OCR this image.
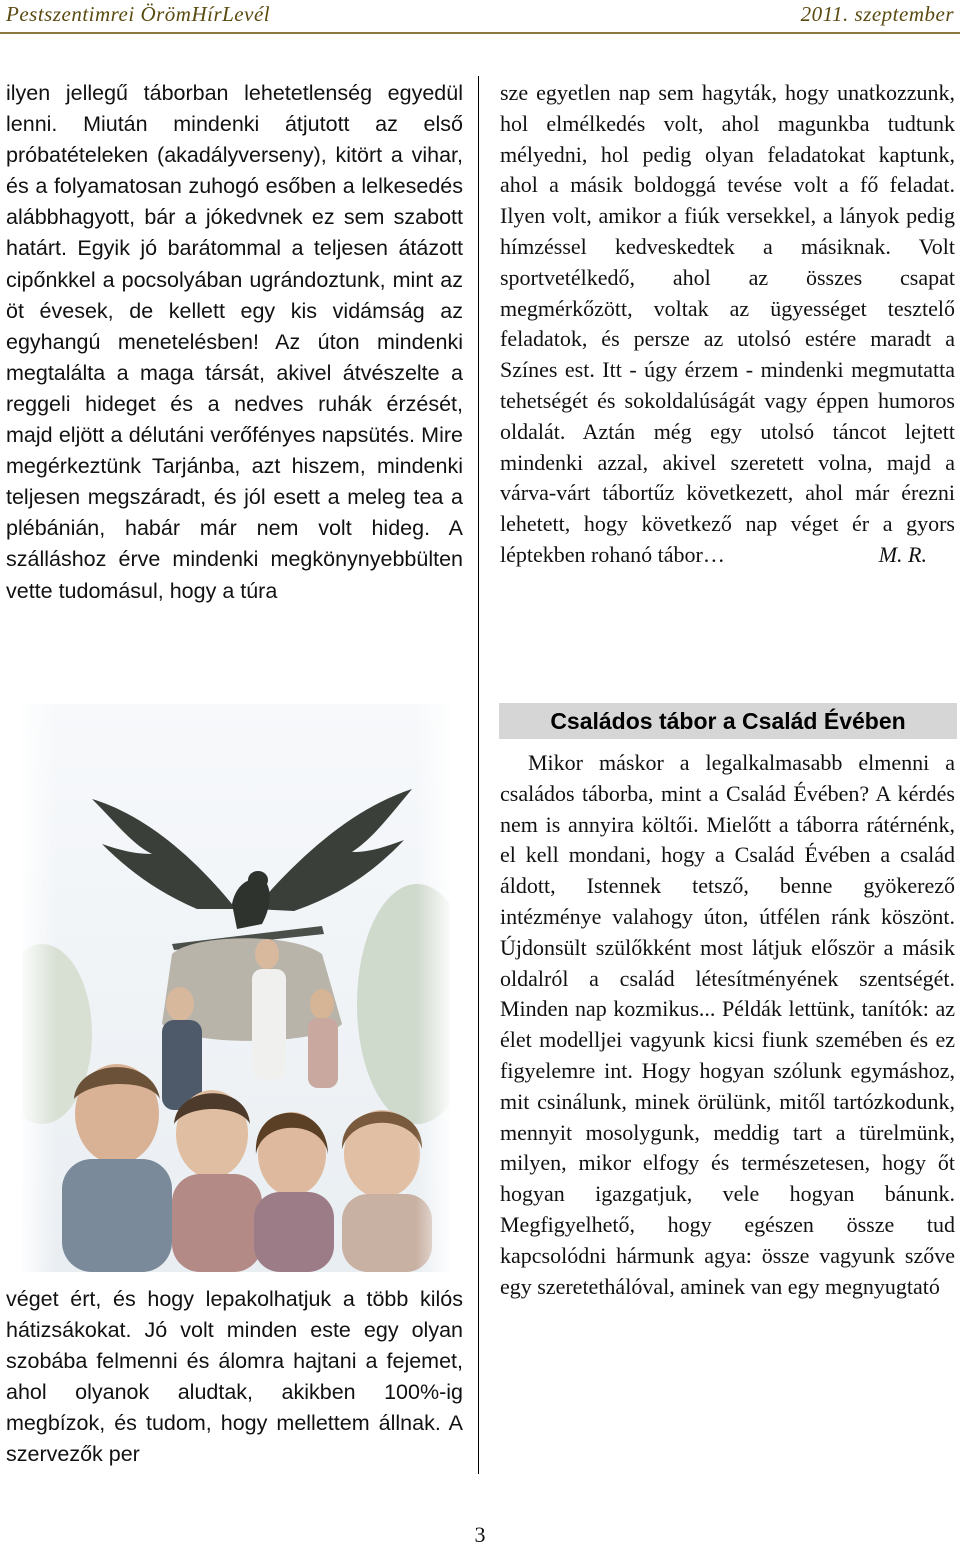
Pestszentimrei ÖrömHírLevél	2011. szeptember

ilyen jellegű táborban lehetetlenség egyedül lenni. Miután mindenki átjutott az első próbatételeken (akadályverseny), kitört a vihar, és a folyamatosan zuhogó esőben a lelkesedés alábbhagyott, bár a jókedvnek ez sem szabott határt. Egyik jó barátommal a teljesen átázott cipőnkkel a pocsolyában ugrándoztunk, mint az öt évesek, de kellett egy kis vidámság az egyhangú menetelésben! Az úton mindenki megtalálta a maga társát, akivel átvészelte a reggeli hideget és a nedves ruhák érzését, majd eljött a délutáni verőfényes napsütés. Mire megérkeztünk Tarjánba, azt hiszem, mindenki teljesen megszáradt, és jól esett a meleg tea a plébánián, habár már nem volt hideg. A szálláshoz érve mindenki megkönynyebbülten vette tudomásul, hogy a túra

véget ért, és hogy lepakolhatjuk a több kilós hátizsákokat. Jó volt minden este egy olyan szobába felmenni és álomra hajtani a fejemet, ahol olyanok aludtak, akikben 100%-ig megbízok, és tudom, hogy mellettem állnak. A szervezők per

sze egyetlen nap sem hagyták, hogy unatkozzunk, hol elmélkedés volt, ahol magunkba tudtunk mélyedni, hol pedig olyan feladatokat kaptunk, ahol a másik boldoggá tevése volt a fő feladat. Ilyen volt, amikor a fiúk versekkel, a lányok pedig hímzéssel kedveskedtek a másiknak. Volt sportvetélkedő, ahol az összes csapat megmérkőzött, voltak az ügyességet tesztelő feladatok, és persze az utolsó estére maradt a Színes est. Itt - úgy érzem - mindenki megmutatta tehetségét és sokoldalúságát vagy éppen humoros oldalát. Aztán még egy utolsó táncot lejtett mindenki azzal, akivel szeretett volna, majd a várva-várt tábortűz következett, ahol már érezni lehetett, hogy következő nap véget ér a gyors léptekben rohanó tábor…	M. R.

Családos tábor a Család Évében

Mikor máskor a legalkalmasabb elmenni a családos táborba, mint a Család Évében? A kérdés nem is annyira költői. Mielőtt a táborra rátérnénk, el kell mondani, hogy a Család Évében a család áldott, Istennek tetsző, benne gyökerező intézménye valahogy úton, útfélen ránk köszönt. Újdonsült szülőkként most látjuk először a másik oldalról a család létesítményének szentségét. Minden nap kozmikus... Példák lettünk, tanítók: az élet modelljei vagyunk kicsi fiunk szemében és ez figyelemre int. Hogy hogyan szólunk egymáshoz, mit csinálunk, minek örülünk, mitől tartózkodunk, mennyit mosolygunk, meddig tart a türelmünk, milyen, mikor elfogy és természetesen, hogy őt hogyan igazgatjuk, vele hogyan bánunk. Megfigyelhető, hogy egészen össze tud kapcsolódni hármunk agya: össze vagyunk szőve egy szeretethálóval, aminek van egy megnyugtató

3
